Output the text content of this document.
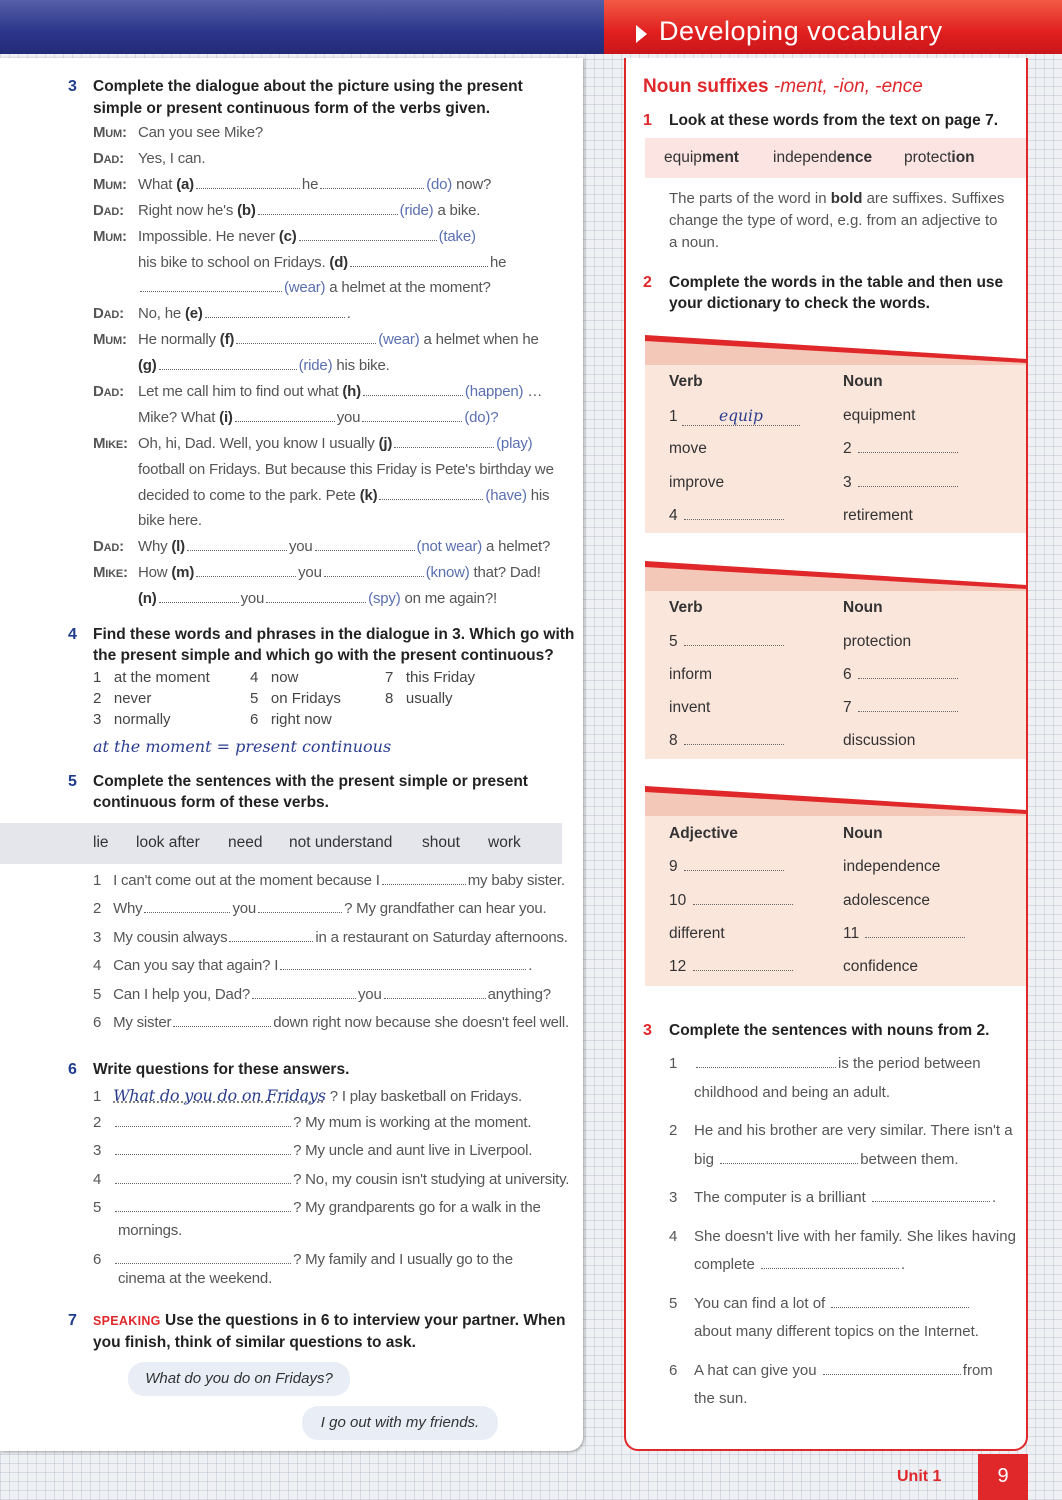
Developing vocabulary
3 Complete the dialogue about the picture using the present
simple or present continuous form of the verbs given.
Mum: Can you see Mike?
Dad: Yes, I can.
Mum: What (a)	he	(do) now?
Dad: Right now he's (b)	(ride) a bike.
Mum: Impossible. He never (c)	(take)
his bike to school on Fridays. (d)	he
(wear) a helmet at the moment?
Dad: No, he (e)	.
Mum: He normally (f)	(wear) a helmet when he
(g)	(ride) his bike.
Dad: Let me call him to find out what (h)	(happen) …
Mike? What (i)	you	(do)?
Mike: Oh, hi, Dad. Well, you know I usually (j)	(play)
football on Fridays. But because this Friday is Pete's birthday we
decided to come to the park. Pete (k)	(have) his
bike here.
Dad: Why (l)	you	(not wear) a helmet?
Mike: How (m)	you	(know) that? Dad!
(n)	you	(spy) on me again?!
4 Find these words and phrases in the dialogue in 3. Which go with
the present simple and which go with the present continuous?
1 at the moment
2 never
3 normally
4 now
5 on Fridays
6 right now
7 this Friday
8 usually
at the moment = present continuous
5 Complete the sentences with the present simple or present
continuous form of these verbs.
lie look after need not understand shout work
1 I can't come out at the moment because I	my baby sister.
2 Why	you	? My grandfather can hear you.
3 My cousin always	in a restaurant on Saturday afternoons.
4 Can you say that again? I	.
5 Can I help you, Dad?	you	anything?
6 My sister	down right now because she doesn't feel well.
6 Write questions for these answers.
1 What do you do on Fridays ? I play basketball on Fridays.
2	? My mum is working at the moment.
3	? My uncle and aunt live in Liverpool.
4	? No, my cousin isn't studying at university.
5	? My grandparents go for a walk in the
mornings.
6	? My family and I usually go to the
cinema at the weekend.
7 SPEAKING Use the questions in 6 to interview your partner. When
you finish, think of similar questions to ask.
What do you do on Fridays?
I go out with my friends.
Noun suffixes -ment, -ion, -ence
1 Look at these words from the text on page 7.
equipment independence protection
The parts of the word in bold are suffixes. Suffixes
change the type of word, e.g. from an adjective to
a noun.
2 Complete the words in the table and then use
your dictionary to check the words.
Verb	Noun
1	equip	equipment
move	2
improve	3
4	retirement
Verb	Noun
5	protection
inform	6
invent	7
8	discussion
Adjective	Noun
9	independence
10	adolescence
different	11
12	confidence
3 Complete the sentences with nouns from 2.
1	is the period between
childhood and being an adult.
2 He and his brother are very similar. There isn't a
big	between them.
3 The computer is a brilliant	.
4 She doesn't live with her family. She likes having
complete	.
5 You can find a lot of
about many different topics on the Internet.
6 A hat can give you	from
the sun.
Unit 1	9
